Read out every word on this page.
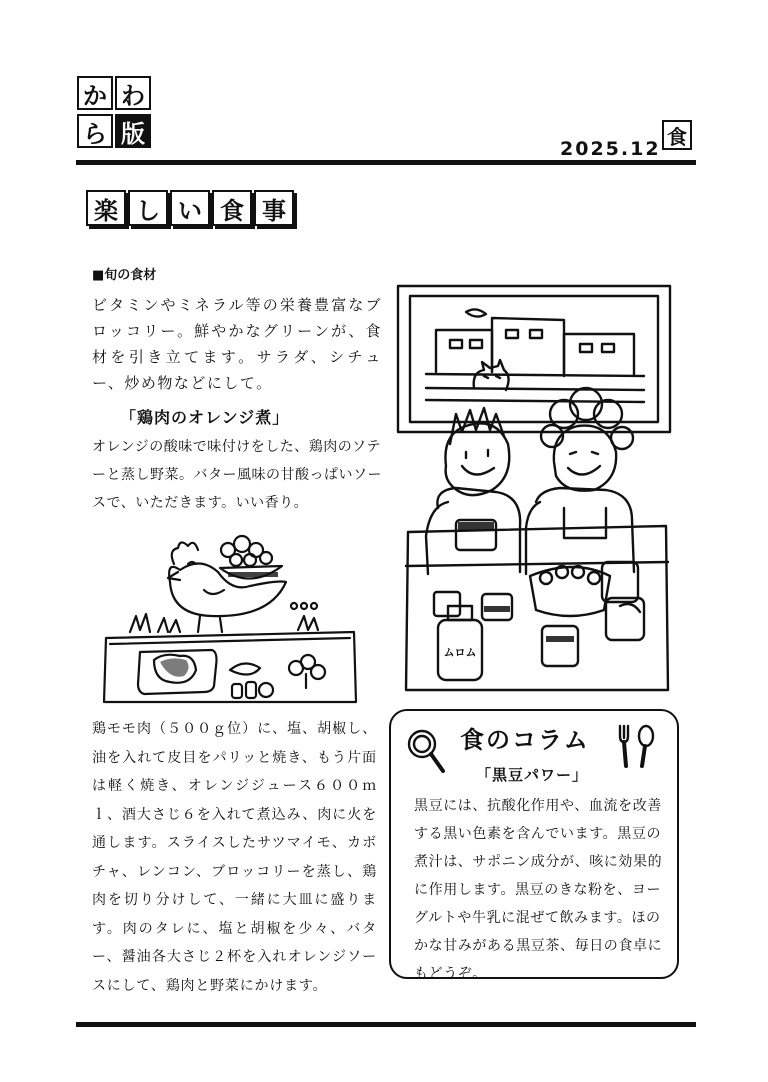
か わ
ら 版
2025.12
食
楽 し い 食 事
■旬の食材
ビタミンやミネラル等の栄養豊富なブロッコリー。鮮やかなグリーンが、食材を引き立てます。サラダ、シチュー、炒め物などにして。
「鶏肉のオレンジ煮」
オレンジの酸味で味付けをした、鶏肉のソテーと蒸し野菜。バター風味の甘酸っぱいソースで、いただきます。いい香り。
鶏モモ肉（５００ｇ位）に、塩、胡椒し、油を入れて皮目をパリッと焼き、もう片面は軽く焼き、オレンジジュース６００ｍｌ、酒大さじ６を入れて煮込み、肉に火を通します。スライスしたサツマイモ、カボチャ、レンコン、ブロッコリーを蒸し、鶏肉を切り分けして、一緒に大皿に盛ります。肉のタレに、塩と胡椒を少々、バター、醤油各大さじ２杯を入れオレンジソースにして、鶏肉と野菜にかけます。
ムロム
食のコラム
「黒豆パワー」
黒豆には、抗酸化作用や、血流を改善する黒い色素を含んでいます。黒豆の煮汁は、サポニン成分が、咳に効果的に作用します。黒豆のきな粉を、ヨーグルトや牛乳に混ぜて飲みます。ほのかな甘みがある黒豆茶、毎日の食卓にもどうぞ。
